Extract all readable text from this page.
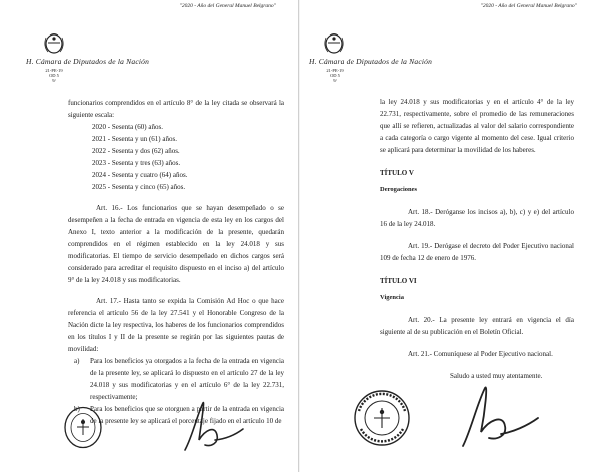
"2020 - Año del General Manuel Belgrano"
H. Cámara de Diputados de la Nación
21-PE-19
OD 5
9/

funcionarios comprendidos en el artículo 8° de la ley citada se observará la siguiente escala:

2020 - Sesenta (60) años.
2021 - Sesenta y un (61) años.
2022 - Sesenta y dos (62) años.
2023 - Sesenta y tres (63) años.
2024 - Sesenta y cuatro (64) años.
2025 - Sesenta y cinco (65) años.

Art. 16.- Los funcionarios que se hayan desempeñado o se desempeñen a la fecha de entrada en vigencia de esta ley en los cargos del Anexo I, texto anterior a la modificación de la presente, quedarán comprendidos en el régimen establecido en la ley 24.018 y sus modificatorias. El tiempo de servicio desempeñado en dichos cargos será considerado para acreditar el requisito dispuesto en el inciso a) del artículo 9° de la ley 24.018 y sus modificatorias.

Art. 17.- Hasta tanto se expida la Comisión Ad Hoc o que hace referencia el artículo 56 de la ley 27.541 y el Honorable Congreso de la Nación dicte la ley respectiva, los haberes de los funcionarios comprendidos en los títulos I y II de la presente se regirán por las siguientes pautas de movilidad:

a) Para los beneficios ya otorgados a la fecha de la entrada en vigencia de la presente ley, se aplicará lo dispuesto en el artículo 27 de la ley 24.018 y sus modificatorias y en el artículo 6° de la ley 22.731, respectivamente;

b) Para los beneficios que se otorguen a partir de la entrada en vigencia de la presente ley se aplicará el porcentaje fijado en el artículo 10 de

"2020 - Año del General Manuel Belgrano"
H. Cámara de Diputados de la Nación
21-PE-19
OD 5
9/

la ley 24.018 y sus modificatorias y en el artículo 4° de la ley 22.731, respectivamente, sobre el promedio de las remuneraciones que allí se refieren, actualizadas al valor del salario correspondiente a cada categoría o cargo vigente al momento del cese. Igual criterio se aplicará para determinar la movilidad de los haberes.

TÍTULO V

Derogaciones

Art. 18.- Deróganse los incisos a), b), c) y e) del artículo 16 de la ley 24.018.

Art. 19.- Derógase el decreto del Poder Ejecutivo nacional 109 de fecha 12 de enero de 1976.

TÍTULO VI

Vigencia

Art. 20.- La presente ley entrará en vigencia el día siguiente al de su publicación en el Boletín Oficial.

Art. 21.- Comuníquese al Poder Ejecutivo nacional.

Saludo a usted muy atentamente.
